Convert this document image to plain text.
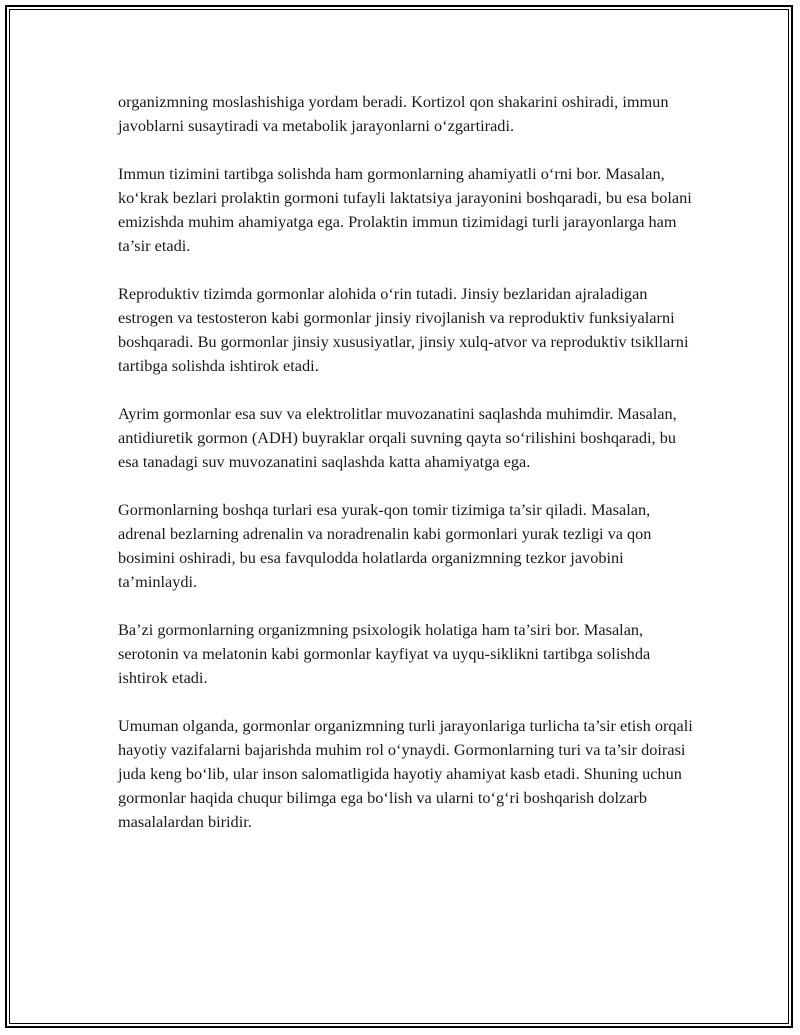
organizmning moslashishiga yordam beradi. Kortizol qon shakarini oshiradi, immun javoblarni susaytiradi va metabolik jarayonlarni o‘zgartiradi.

Immun tizimini tartibga solishda ham gormonlarning ahamiyatli o‘rni bor. Masalan, ko‘krak bezlari prolaktin gormoni tufayli laktatsiya jarayonini boshqaradi, bu esa bolani emizishda muhim ahamiyatga ega. Prolaktin immun tizimidagi turli jarayonlarga ham ta’sir etadi.

Reproduktiv tizimda gormonlar alohida o‘rin tutadi. Jinsiy bezlaridan ajraladigan estrogen va testosteron kabi gormonlar jinsiy rivojlanish va reproduktiv funksiyalarni boshqaradi. Bu gormonlar jinsiy xususiyatlar, jinsiy xulq-atvor va reproduktiv tsikllarni tartibga solishda ishtirok etadi.

Ayrim gormonlar esa suv va elektrolitlar muvozanatini saqlashda muhimdir. Masalan, antidiuretik gormon (ADH) buyraklar orqali suvning qayta so‘rilishini boshqaradi, bu esa tanadagi suv muvozanatini saqlashda katta ahamiyatga ega.

Gormonlarning boshqa turlari esa yurak-qon tomir tizimiga ta’sir qiladi. Masalan, adrenal bezlarning adrenalin va noradrenalin kabi gormonlari yurak tezligi va qon bosimini oshiradi, bu esa favqulodda holatlarda organizmning tezkor javobini ta’minlaydi.

Ba’zi gormonlarning organizmning psixologik holatiga ham ta’siri bor. Masalan, serotonin va melatonin kabi gormonlar kayfiyat va uyqu-siklikni tartibga solishda ishtirok etadi.

Umuman olganda, gormonlar organizmning turli jarayonlariga turlicha ta’sir etish orqali hayotiy vazifalarni bajarishda muhim rol o‘ynaydi. Gormonlarning turi va ta’sir doirasi juda keng bo‘lib, ular inson salomatligida hayotiy ahamiyat kasb etadi. Shuning uchun gormonlar haqida chuqur bilimga ega bo‘lish va ularni to‘g‘ri boshqarish dolzarb masalalardan biridir.
